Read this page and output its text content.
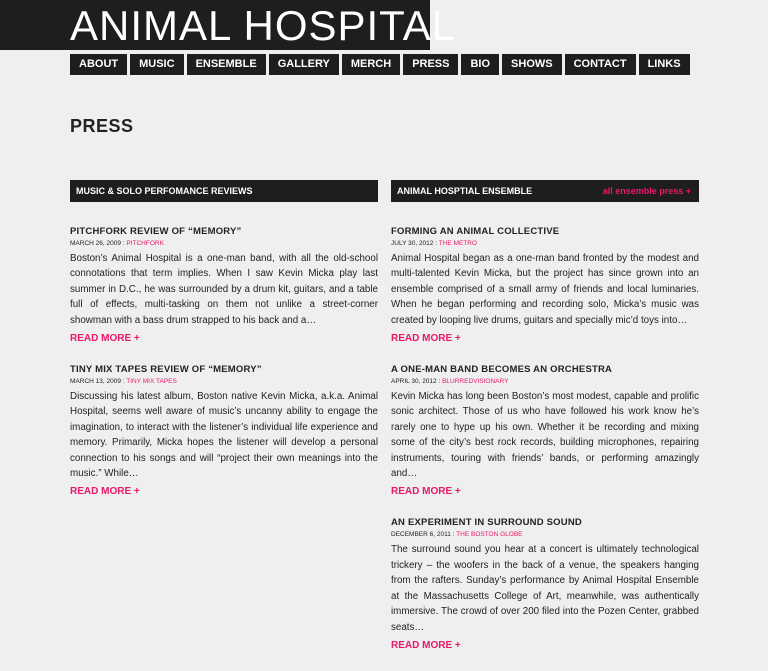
ANIMAL HOSPITAL
ABOUT	MUSIC	ENSEMBLE	GALLERY	MERCH	PRESS	BIO	SHOWS	CONTACT	LINKS
PRESS
MUSIC & SOLO PERFOMANCE REVIEWS
PITCHFORK REVIEW OF “MEMORY”
MARCH 26, 2009 : PITCHFORK

Boston’s Animal Hospital is a one-man band, with all the old-school connotations that term implies. When I saw Kevin Micka play last summer in D.C., he was surrounded by a drum kit, guitars, and a table full of effects, multi-tasking on them not unlike a street-corner showman with a bass drum strapped to his back and a…

READ MORE +
TINY MIX TAPES REVIEW OF “MEMORY”
MARCH 13, 2009 : TINY MIX TAPES

Discussing his latest album, Boston native Kevin Micka, a.k.a. Animal Hospital, seems well aware of music’s uncanny ability to engage the imagination, to interact with the listener’s individual life experience and memory. Primarily, Micka hopes the listener will develop a personal connection to his songs and will “project their own meanings into the music.” While…

READ MORE +
ANIMAL HOSPTIAL ENSEMBLE	all ensemble press +
FORMING AN ANIMAL COLLECTIVE
JULY 30, 2012 : THE METRO

Animal Hospital began as a one-man band fronted by the modest and multi-talented Kevin Micka, but the project has since grown into an ensemble comprised of a small army of friends and local luminaries. When he began performing and recording solo, Micka’s music was created by looping live drums, guitars and specially mic’d toys into…

READ MORE +
A ONE-MAN BAND BECOMES AN ORCHESTRA
APRIL 30, 2012 : BLURREDVISIONARY

Kevin Micka has long been Boston’s most modest, capable and prolific sonic architect. Those of us who have followed his work know he’s rarely one to hype up his own. Whether it be recording and mixing some of the city’s best rock records, building microphones, repairing instruments, touring with friends’ bands, or performing amazingly and…

READ MORE +
AN EXPERIMENT IN SURROUND SOUND
DECEMBER 6, 2011 : THE BOSTON GLOBE

The surround sound you hear at a concert is ultimately technological trickery – the woofers in the back of a venue, the speakers hanging from the rafters. Sunday’s performance by Animal Hospital Ensemble at the Massachusetts College of Art, meanwhile, was authentically immersive. The crowd of over 200 filed into the Pozen Center, grabbed seats…

READ MORE +
